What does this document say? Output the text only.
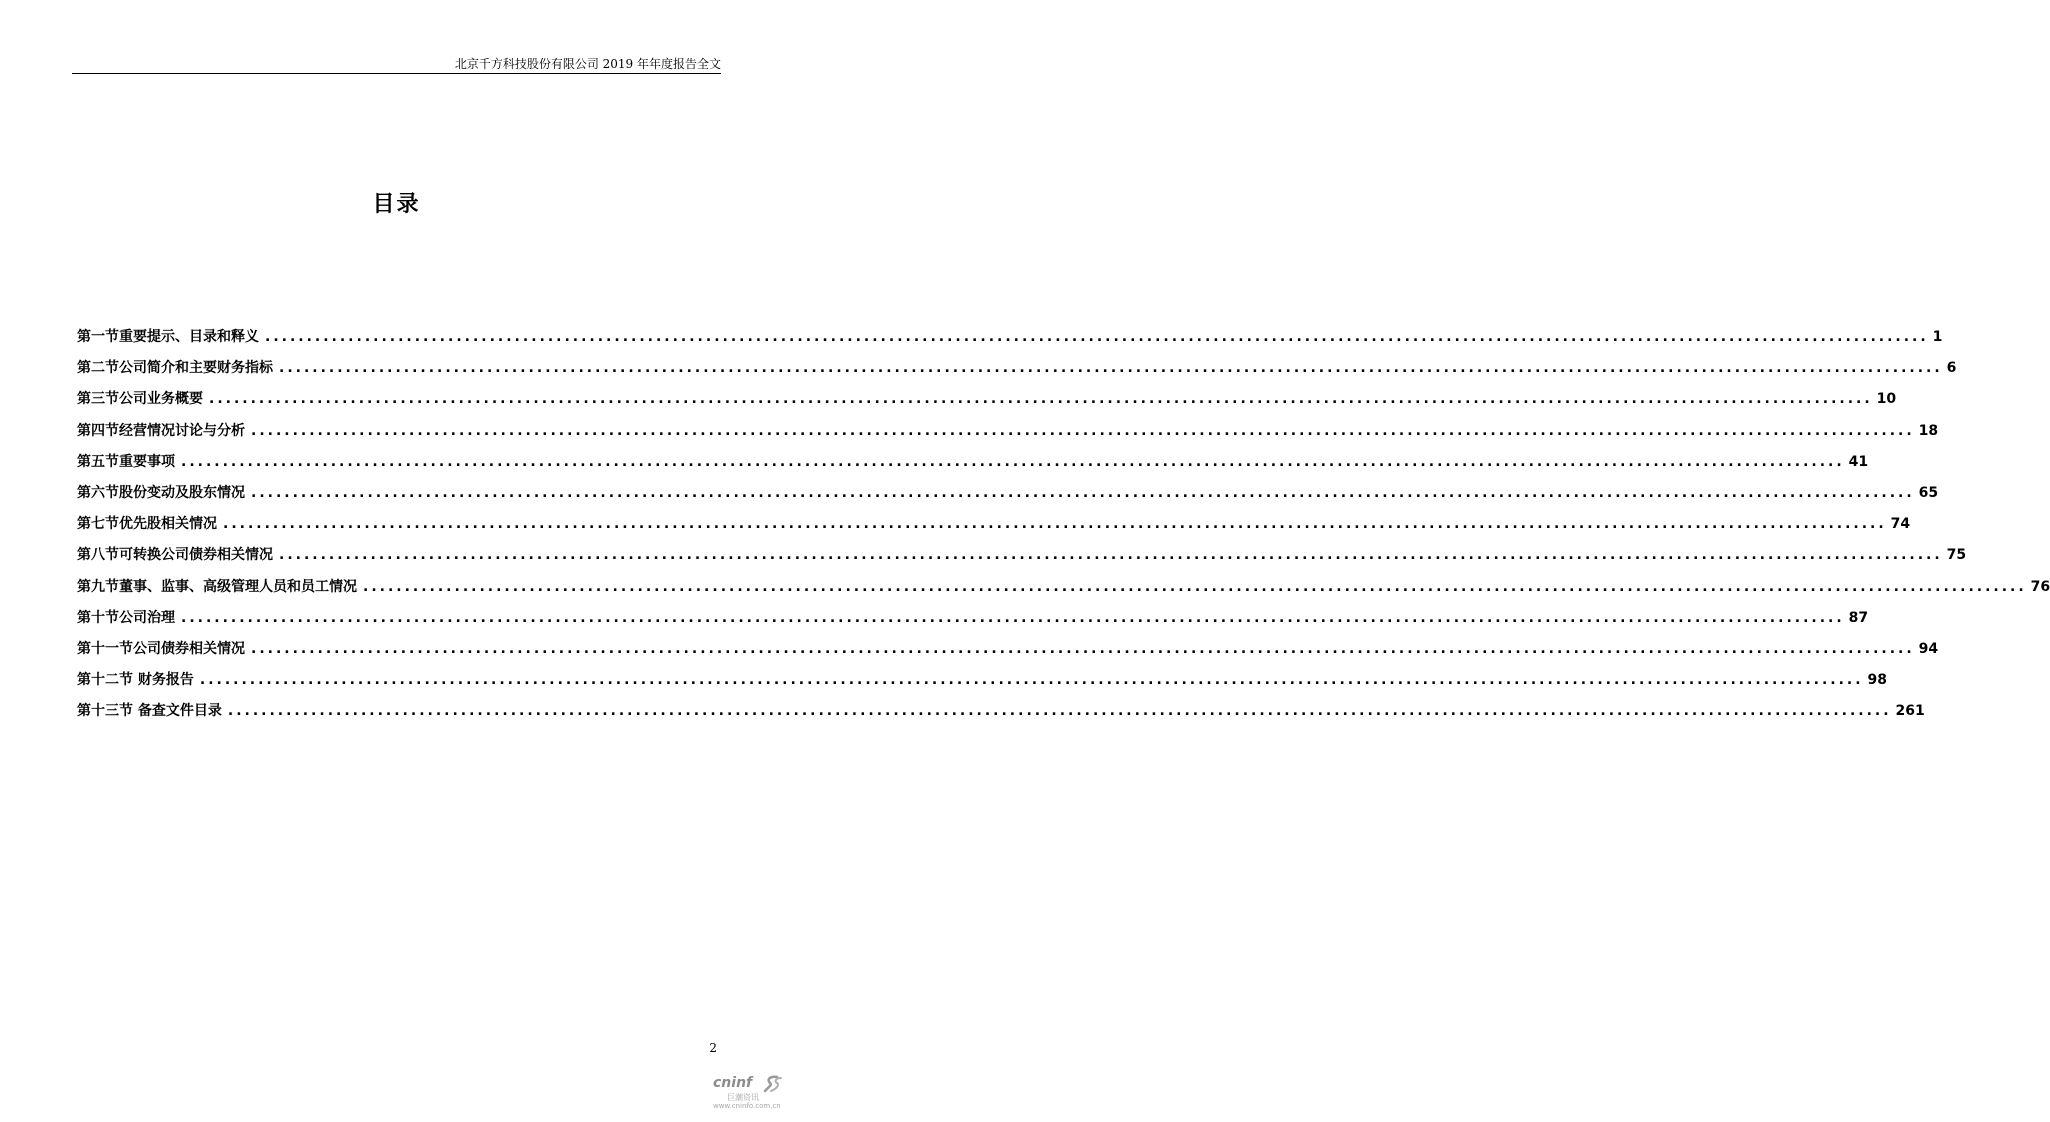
北京千方科技股份有限公司 2019 年年度报告全文
目录
第一节重要提示、目录和释义 ........................................................................................................................................................................................................ 1
第二节公司简介和主要财务指标 ........................................................................................................................................................................................................ 6
第三节公司业务概要 ........................................................................................................................................................................................................ 10
第四节经营情况讨论与分析 ........................................................................................................................................................................................................ 18
第五节重要事项 ........................................................................................................................................................................................................ 41
第六节股份变动及股东情况 ........................................................................................................................................................................................................ 65
第七节优先股相关情况 ........................................................................................................................................................................................................ 74
第八节可转换公司债券相关情况 ........................................................................................................................................................................................................ 75
第九节董事、监事、高级管理人员和员工情况 ........................................................................................................................................................................................................ 76
第十节公司治理 ........................................................................................................................................................................................................ 87
第十一节公司债券相关情况 ........................................................................................................................................................................................................ 94
第十二节 财务报告 ........................................................................................................................................................................................................ 98
第十三节 备查文件目录 ........................................................................................................................................................................................................ 261
2
cninf
巨潮资讯
www.cninfo.com.cn
